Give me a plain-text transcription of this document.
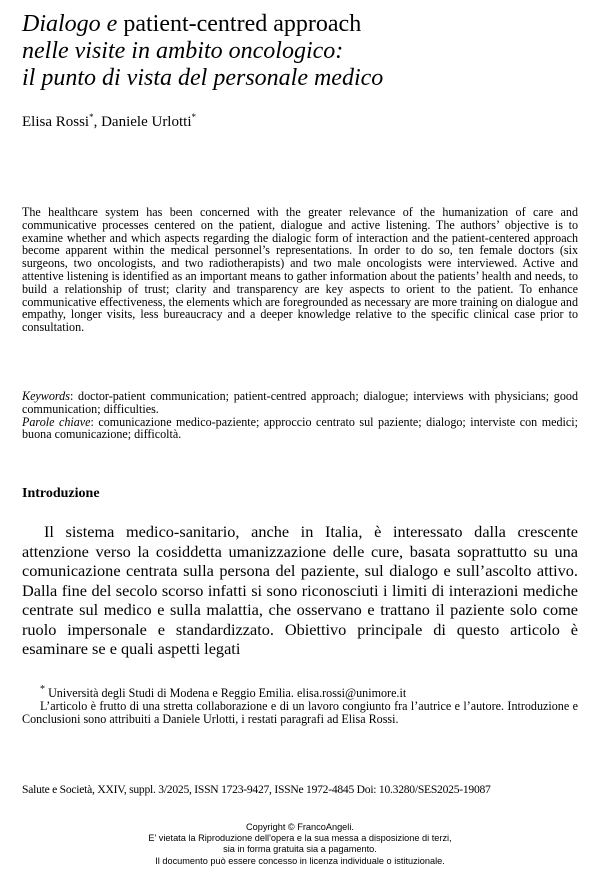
Dialogo e patient-centred approach
nelle visite in ambito oncologico:
il punto di vista del personale medico
Elisa Rossi*, Daniele Urlotti*
The healthcare system has been concerned with the greater relevance of the humanization of care and communicative processes centered on the patient, dialogue and active listening. The authors’ objective is to examine whether and which aspects regarding the dialogic form of interaction and the patient-centered approach become apparent within the medical personnel’s representations. In order to do so, ten female doctors (six surgeons, two oncologists, and two radiotherapists) and two male oncologists were interviewed. Active and attentive listening is identified as an important means to gather information about the patients’ health and needs, to build a relationship of trust; clarity and transparency are key aspects to orient to the patient. To enhance communicative effectiveness, the elements which are foregrounded as necessary are more training on dialogue and empathy, longer visits, less bureaucracy and a deeper knowledge relative to the specific clinical case prior to consultation.

Keywords: doctor-patient communication; patient-centred approach; dialogue; interviews with physicians; good communication; difficulties.

Parole chiave: comunicazione medico-paziente; approccio centrato sul paziente; dialogo; interviste con medici; buona comunicazione; difficoltà.

Introduzione

Il sistema medico-sanitario, anche in Italia, è interessato dalla crescente attenzione verso la cosiddetta umanizzazione delle cure, basata soprattutto su una comunicazione centrata sulla persona del paziente, sul dialogo e sull’ascolto attivo. Dalla fine del secolo scorso infatti si sono riconosciuti i limiti di interazioni mediche centrate sul medico e sulla malattia, che osservano e trattano il paziente solo come ruolo impersonale e standardizzato. Obiettivo principale di questo articolo è esaminare se e quali aspetti legati

* Università degli Studi di Modena e Reggio Emilia. elisa.rossi@unimore.it

L’articolo è frutto di una stretta collaborazione e di un lavoro congiunto fra l’autrice e l’autore. Introduzione e Conclusioni sono attribuiti a Daniele Urlotti, i restati paragrafi ad Elisa Rossi.

Salute e Società, XXIV, suppl. 3/2025, ISSN 1723-9427, ISSNe 1972-4845 Doi: 10.3280/SES2025-19087
Copyright © FrancoAngeli.
E' vietata la Riproduzione dell'opera e la sua messa a disposizione di terzi,
sia in forma gratuita sia a pagamento.
Il documento può essere concesso in licenza individuale o istituzionale.
